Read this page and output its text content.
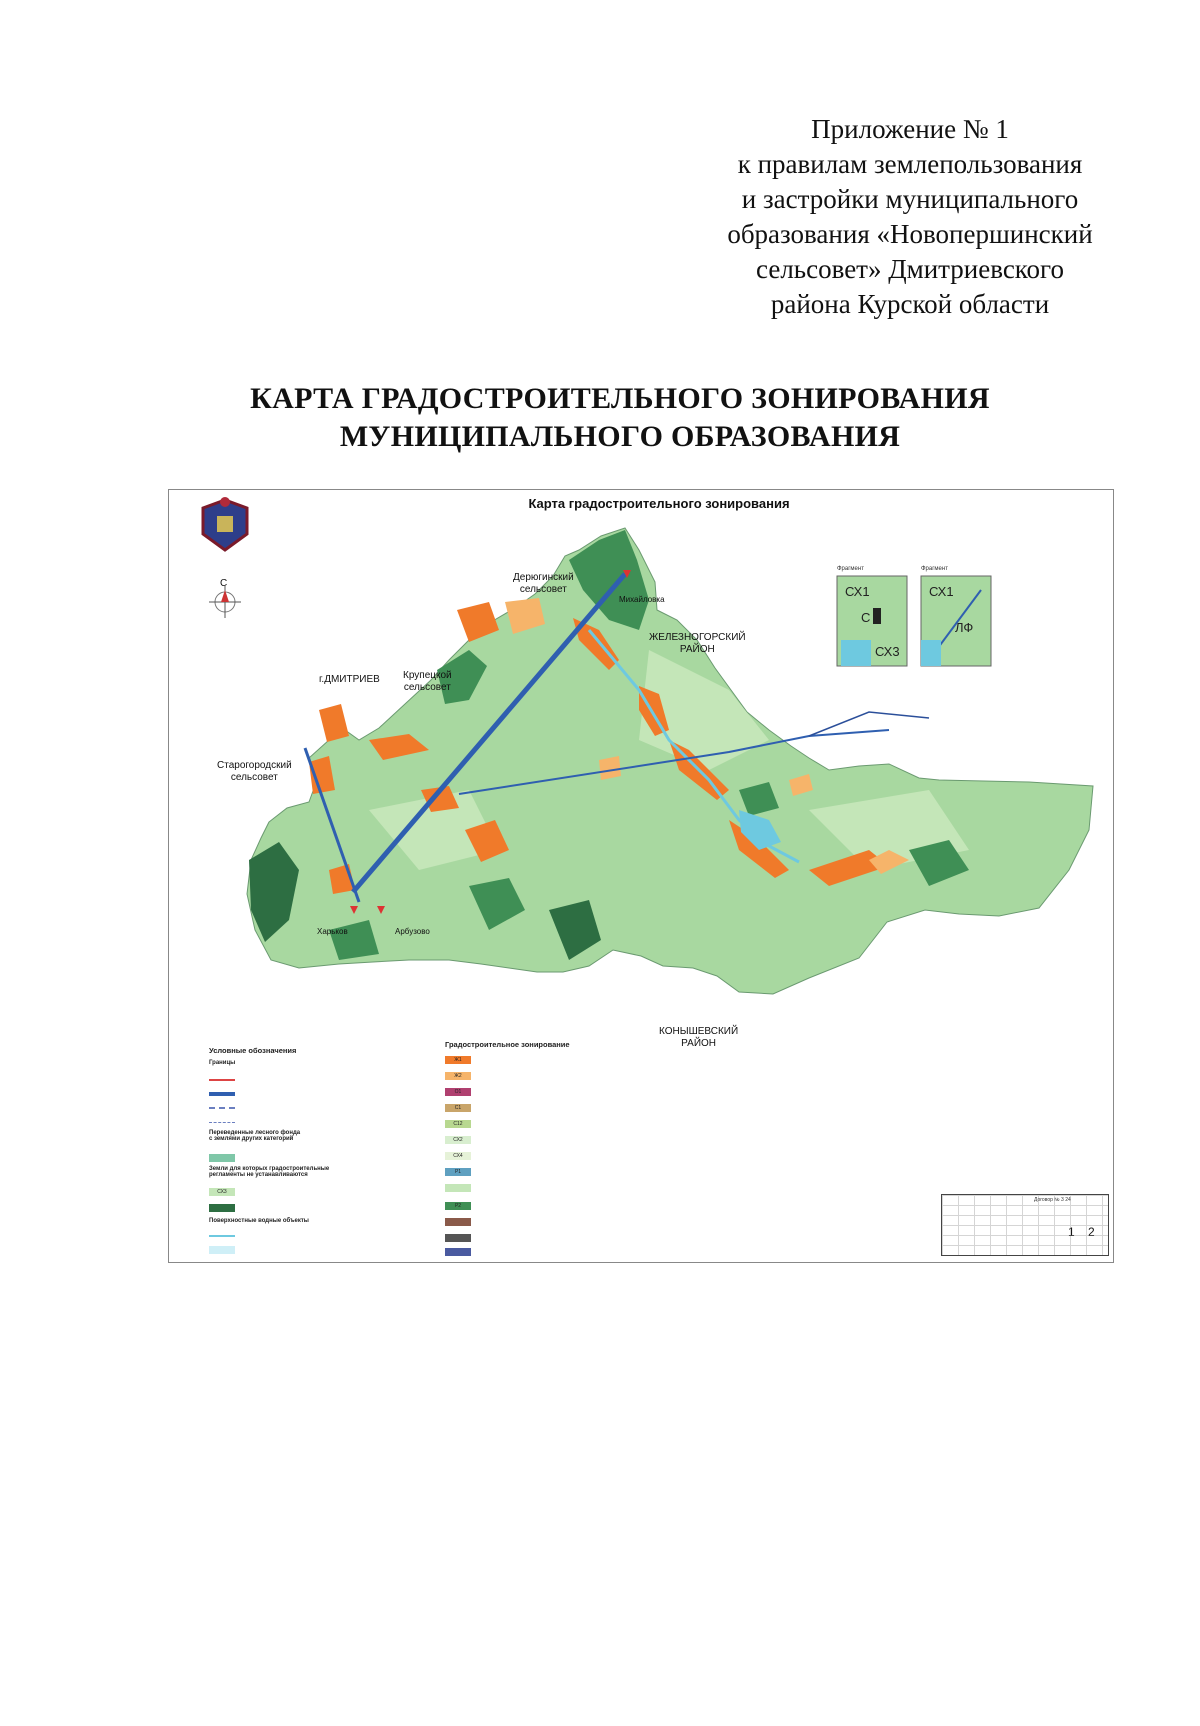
Приложение № 1
к правилам землепользования
и застройки муниципального
образования «Новопершинский
сельсовет» Дмитриевского
района Курской области
КАРТА ГРАДОСТРОИТЕЛЬНОГО ЗОНИРОВАНИЯ
МУНИЦИПАЛЬНОГО ОБРАЗОВАНИЯ
Карта градостроительного зонирования
С
г.ДМИТРИЕВ
Старогородский
сельсовет
Крупецкой
сельсовет
Дерюгинский
сельсовет
ЖЕЛЕЗНОГОРСКИЙ
РАЙОН
КОНЫШЕВСКИЙ
РАЙОН
Михайловка
Харьков	Арбузово
Фрагмент
СХ1
С
СХ3
Фрагмент
СХ1
ЛФ
Условные обозначения
Границы
Переведенные лесного фонда
с землями других категорий
Земли для которых градостроительные
регламенты не устанавливаются
СХ3
Поверхностные водные объекты
Градостроительное зонирование
Ж1
Ж2
О1
С1
С12
СХ2
СХ4
Р1
Р2
Договор № 3 24
1 2
